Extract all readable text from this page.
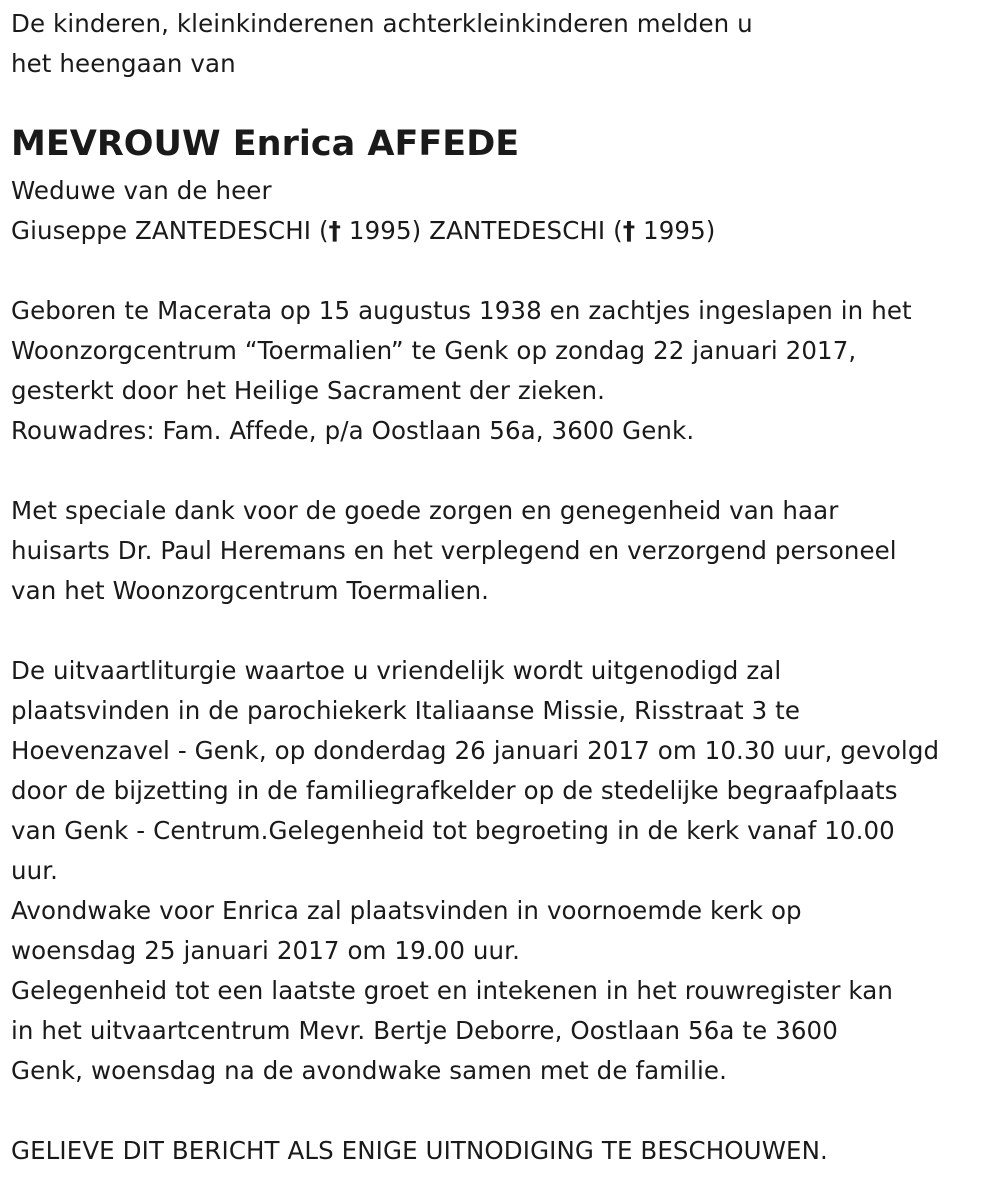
De kinderen, kleinkinderenen achterkleinkinderen melden u
het heengaan van
MEVROUW Enrica AFFEDE
Weduwe van de heer
Giuseppe ZANTEDESCHI († 1995) ZANTEDESCHI († 1995)
Geboren te Macerata op 15 augustus 1938 en zachtjes ingeslapen in het
Woonzorgcentrum “Toermalien” te Genk op zondag 22 januari 2017,
gesterkt door het Heilige Sacrament der zieken.
Rouwadres: Fam. Affede, p/a Oostlaan 56a, 3600 Genk.
Met speciale dank voor de goede zorgen en genegenheid van haar
huisarts Dr. Paul Heremans en het verplegend en verzorgend personeel
van het Woonzorgcentrum Toermalien.
De uitvaartliturgie waartoe u vriendelijk wordt uitgenodigd zal
plaatsvinden in de parochiekerk Italiaanse Missie, Risstraat 3 te
Hoevenzavel - Genk, op donderdag 26 januari 2017 om 10.30 uur, gevolgd
door de bijzetting in de familiegrafkelder op de stedelijke begraafplaats
van Genk - Centrum.Gelegenheid tot begroeting in de kerk vanaf 10.00
uur.
Avondwake voor Enrica zal plaatsvinden in voornoemde kerk op
woensdag 25 januari 2017 om 19.00 uur.
Gelegenheid tot een laatste groet en intekenen in het rouwregister kan
in het uitvaartcentrum Mevr. Bertje Deborre, Oostlaan 56a te 3600
Genk, woensdag na de avondwake samen met de familie.
GELIEVE DIT BERICHT ALS ENIGE UITNODIGING TE BESCHOUWEN.
